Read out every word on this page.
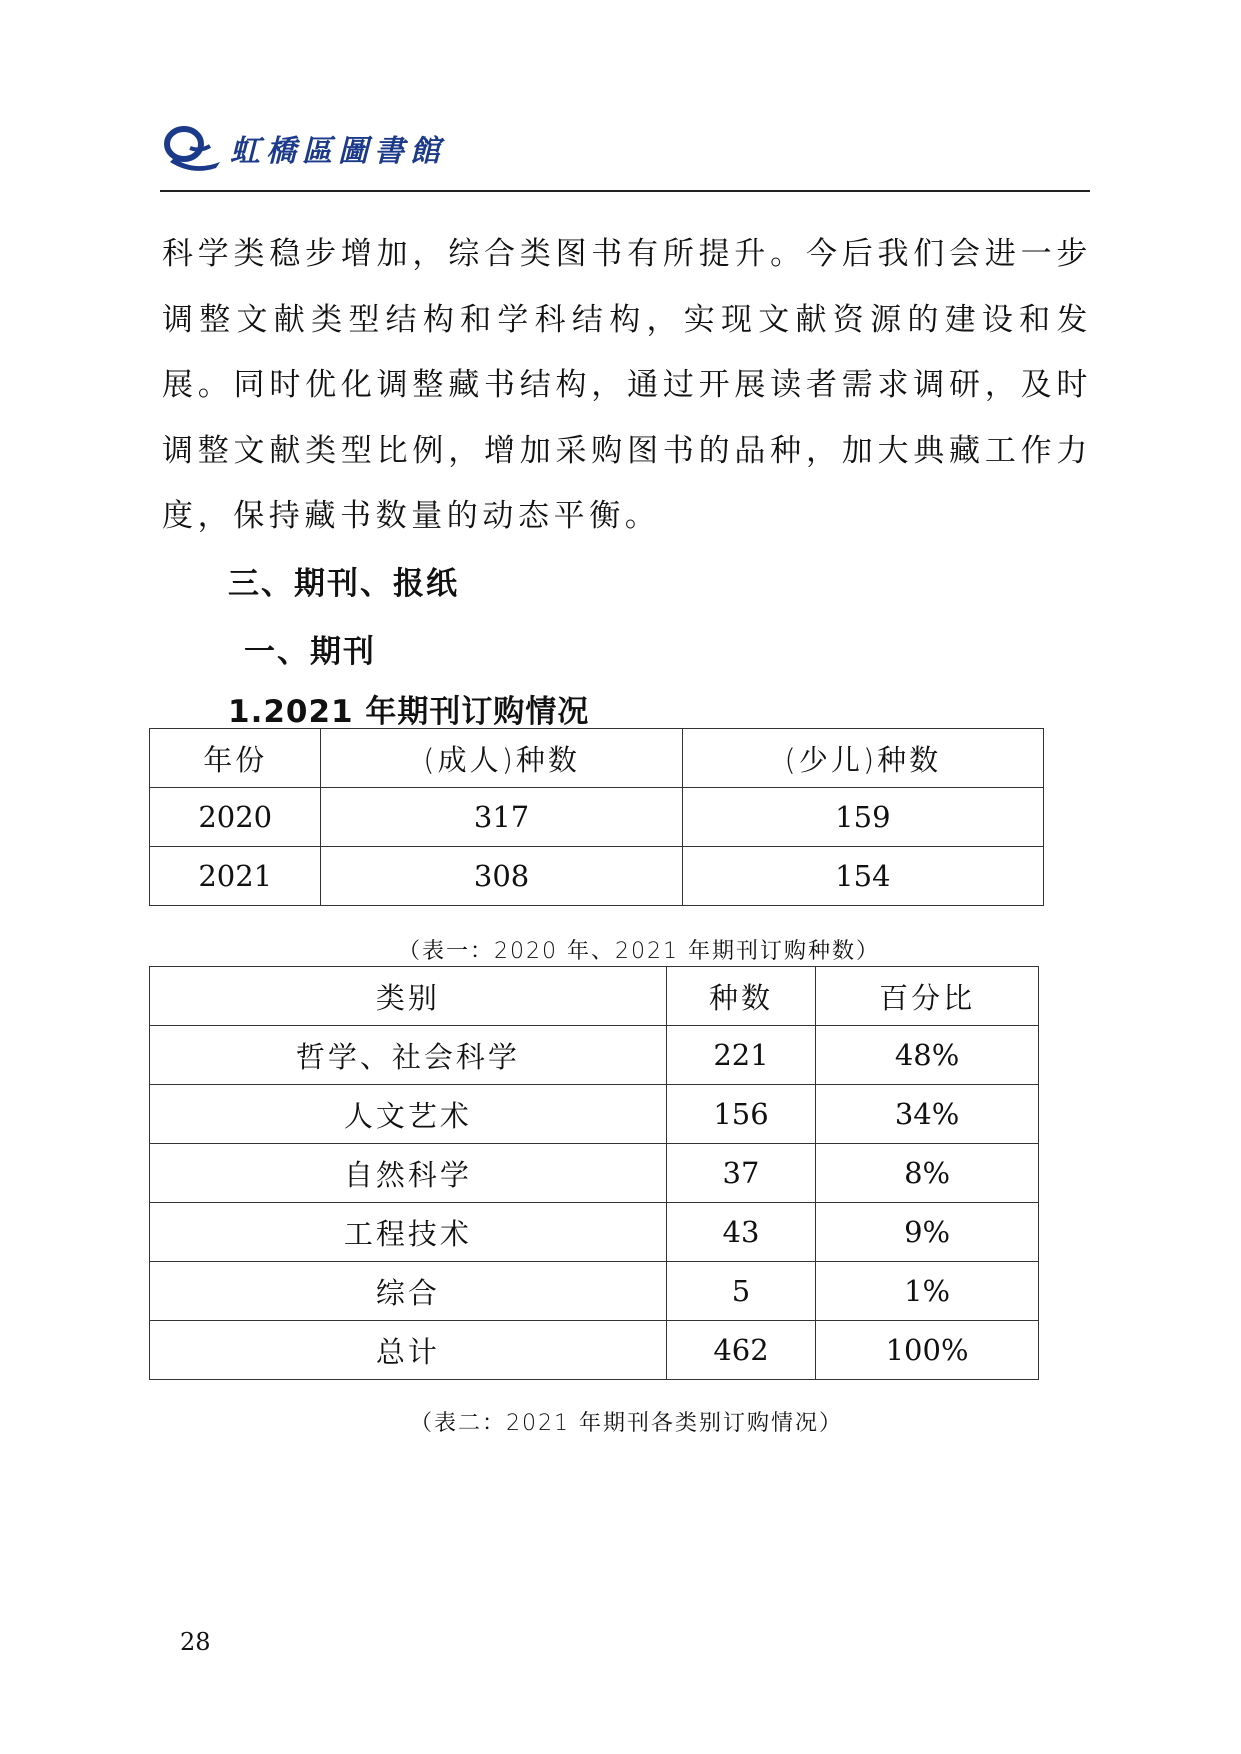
虹橋區圖書館
科学类稳步增加，综合类图书有所提升。今后我们会进一步调整文献类型结构和学科结构，实现文献资源的建设和发展。同时优化调整藏书结构，通过开展读者需求调研，及时调整文献类型比例，增加采购图书的品种，加大典藏工作力度，保持藏书数量的动态平衡。
三、期刊、报纸
一、期刊
1.2021 年期刊订购情况
年份	(成人)种数	(少儿)种数
2020	317	159
2021	308	154
（表一：2020 年、2021 年期刊订购种数）
类别	种数	百分比
哲学、社会科学	221	48%
人文艺术	156	34%
自然科学	37	8%
工程技术	43	9%
综合	5	1%
总计	462	100%
（表二：2021 年期刊各类别订购情况）
28
